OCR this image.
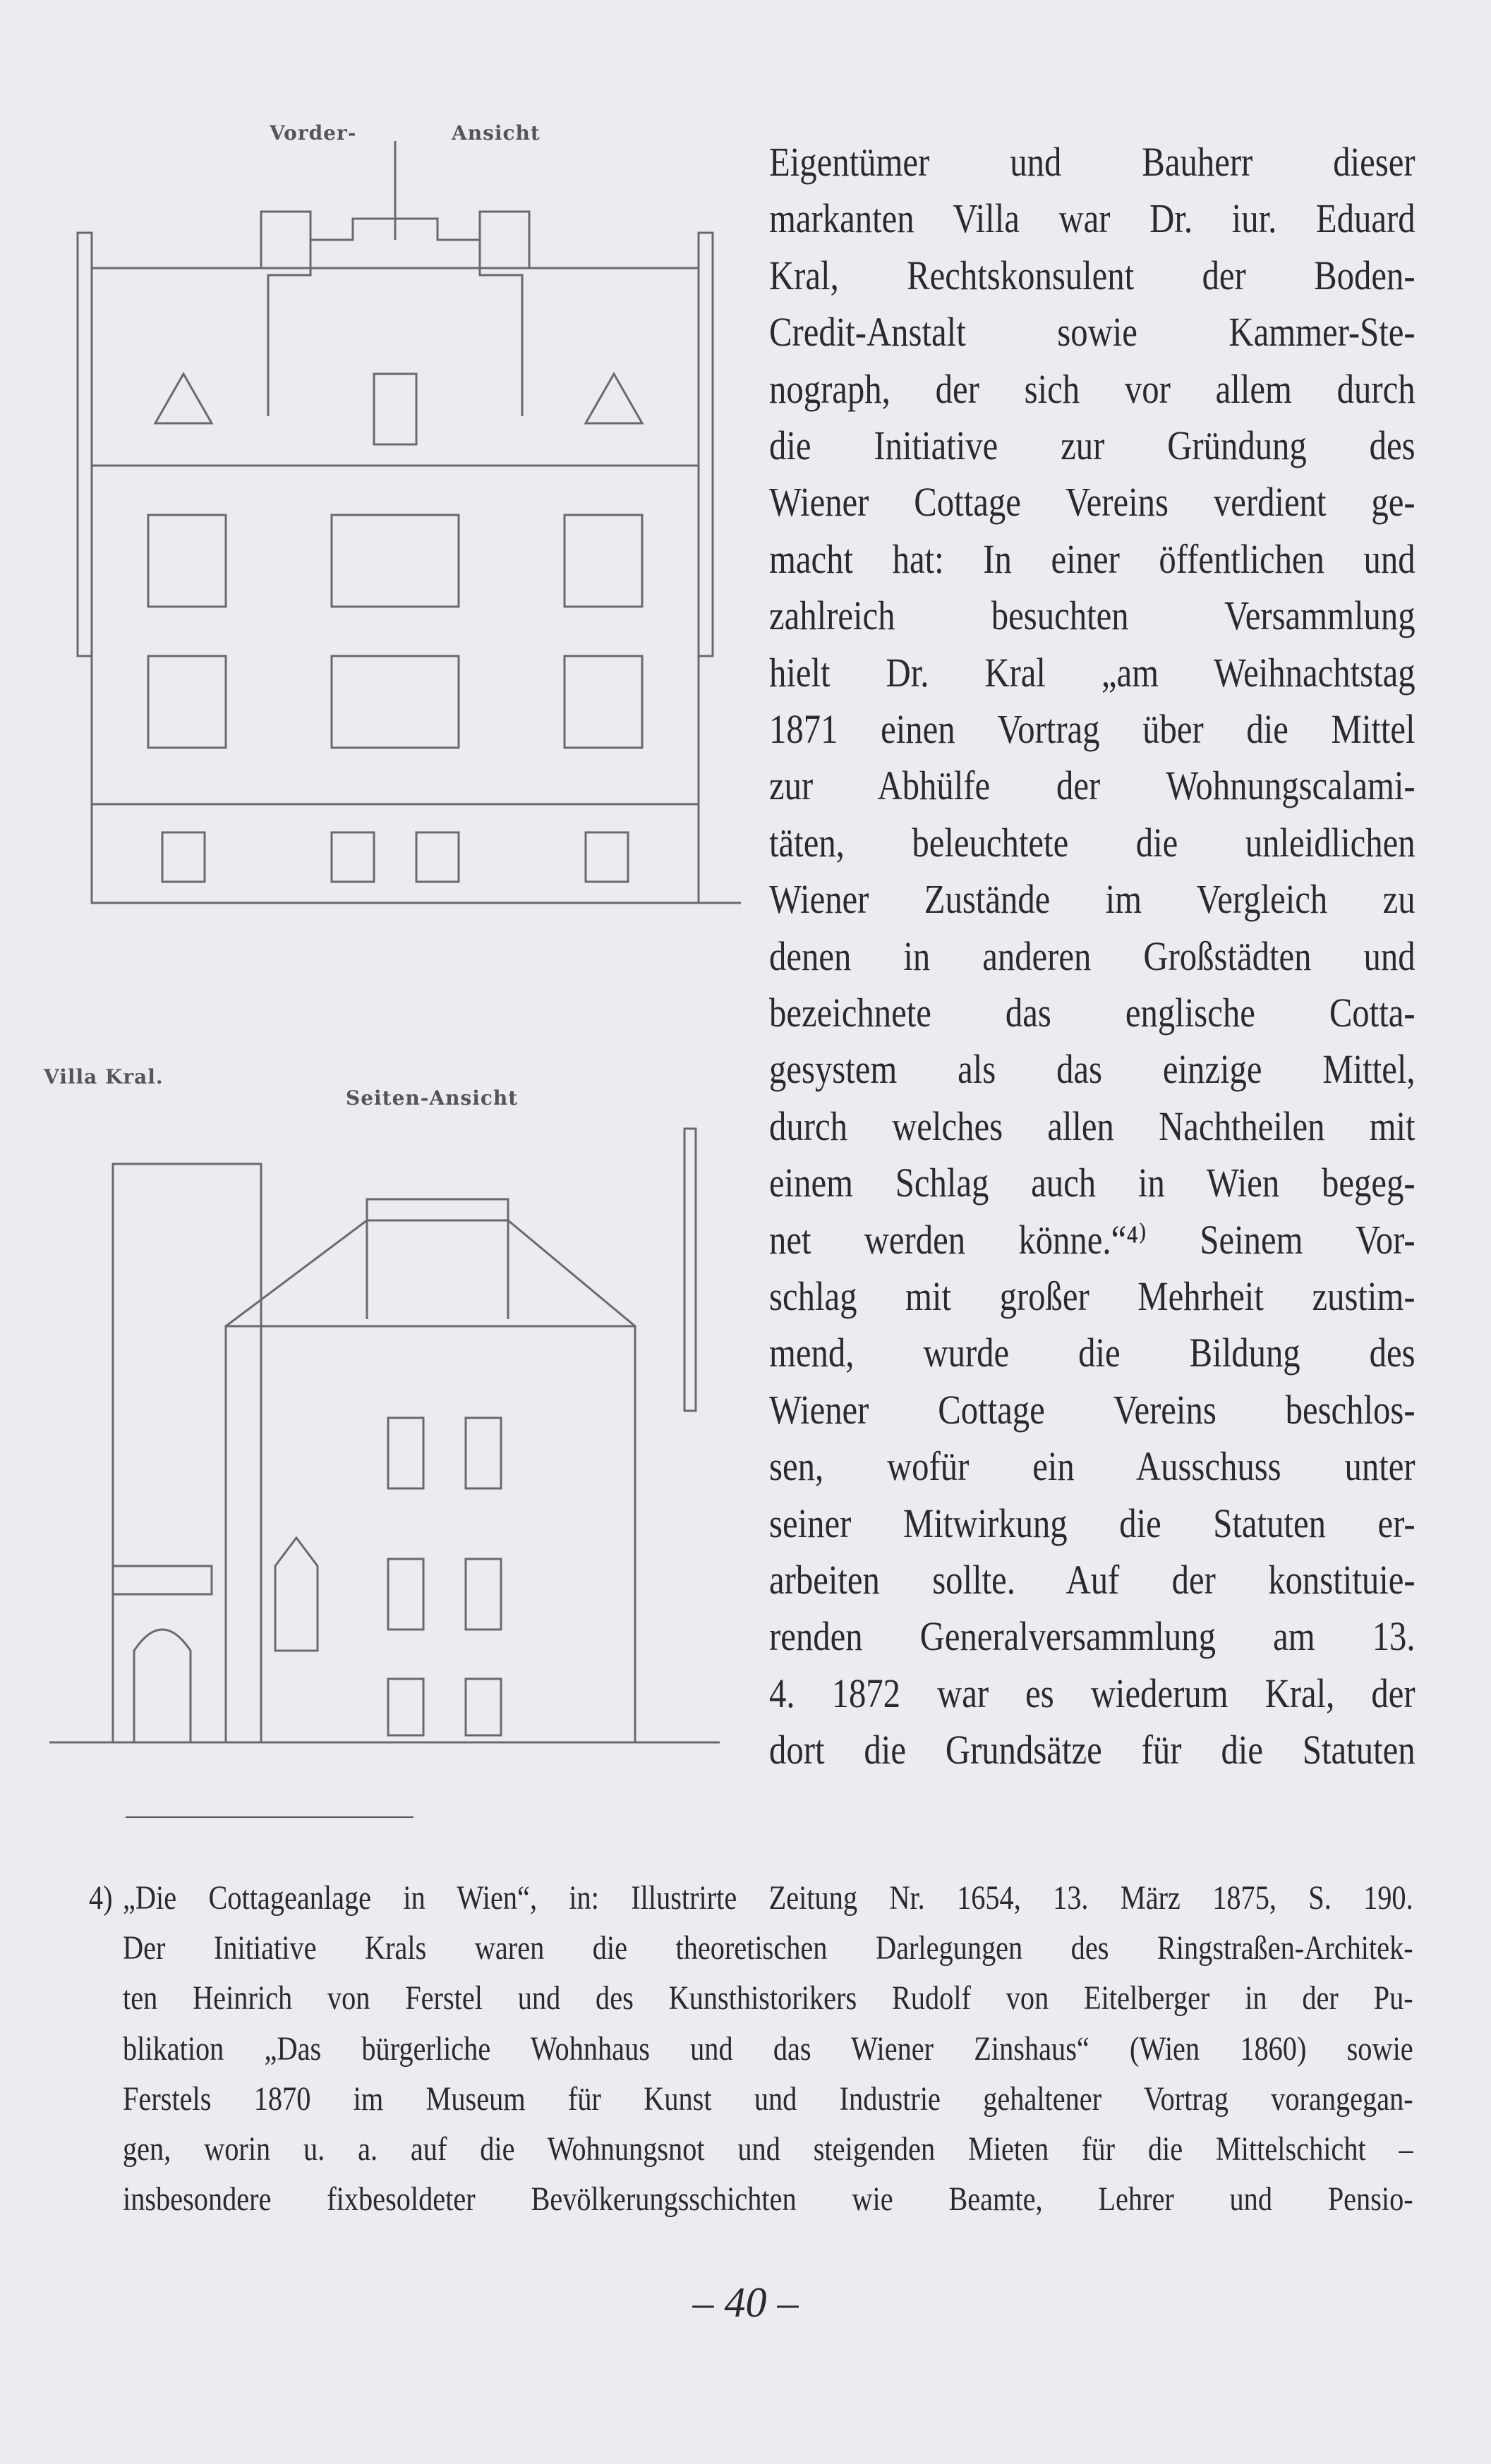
Vorder-	Ansicht
Villa Kral.
Seiten-Ansicht
Eigentümer und Bauherr dieser
markanten Villa war Dr. iur. Eduard
Kral, Rechtskonsulent der Boden-
Credit-Anstalt sowie Kammer-Ste-
nograph, der sich vor allem durch
die Initiative zur Gründung des
Wiener Cottage Vereins verdient ge-
macht hat: In einer öffentlichen und
zahlreich besuchten Versammlung
hielt Dr. Kral „am Weihnachtstag
1871 einen Vortrag über die Mittel
zur Abhülfe der Wohnungscalami-
täten, beleuchtete die unleidlichen
Wiener Zustände im Vergleich zu
denen in anderen Großstädten und
bezeichnete das englische Cotta-
gesystem als das einzige Mittel,
durch welches allen Nachtheilen mit
einem Schlag auch in Wien begeg-
net werden könne.“⁴⁾ Seinem Vor-
schlag mit großer Mehrheit zustim-
mend, wurde die Bildung des
Wiener Cottage Vereins beschlos-
sen, wofür ein Ausschuss unter
seiner Mitwirkung die Statuten er-
arbeiten sollte. Auf der konstituie-
renden Generalversammlung am 13.
4. 1872 war es wiederum Kral, der
dort die Grundsätze für die Statuten
4) „Die Cottageanlage in Wien“, in: Illustrirte Zeitung Nr. 1654, 13. März 1875, S. 190.
Der Initiative Krals waren die theoretischen Darlegungen des Ringstraßen-Architek-
ten Heinrich von Ferstel und des Kunsthistorikers Rudolf von Eitelberger in der Pu-
blikation „Das bürgerliche Wohnhaus und das Wiener Zinshaus“ (Wien 1860) sowie
Ferstels 1870 im Museum für Kunst und Industrie gehaltener Vortrag vorangegan-
gen, worin u. a. auf die Wohnungsnot und steigenden Mieten für die Mittelschicht –
insbesondere fixbesoldeter Bevölkerungsschichten wie Beamte, Lehrer und Pensio-
– 40 –
